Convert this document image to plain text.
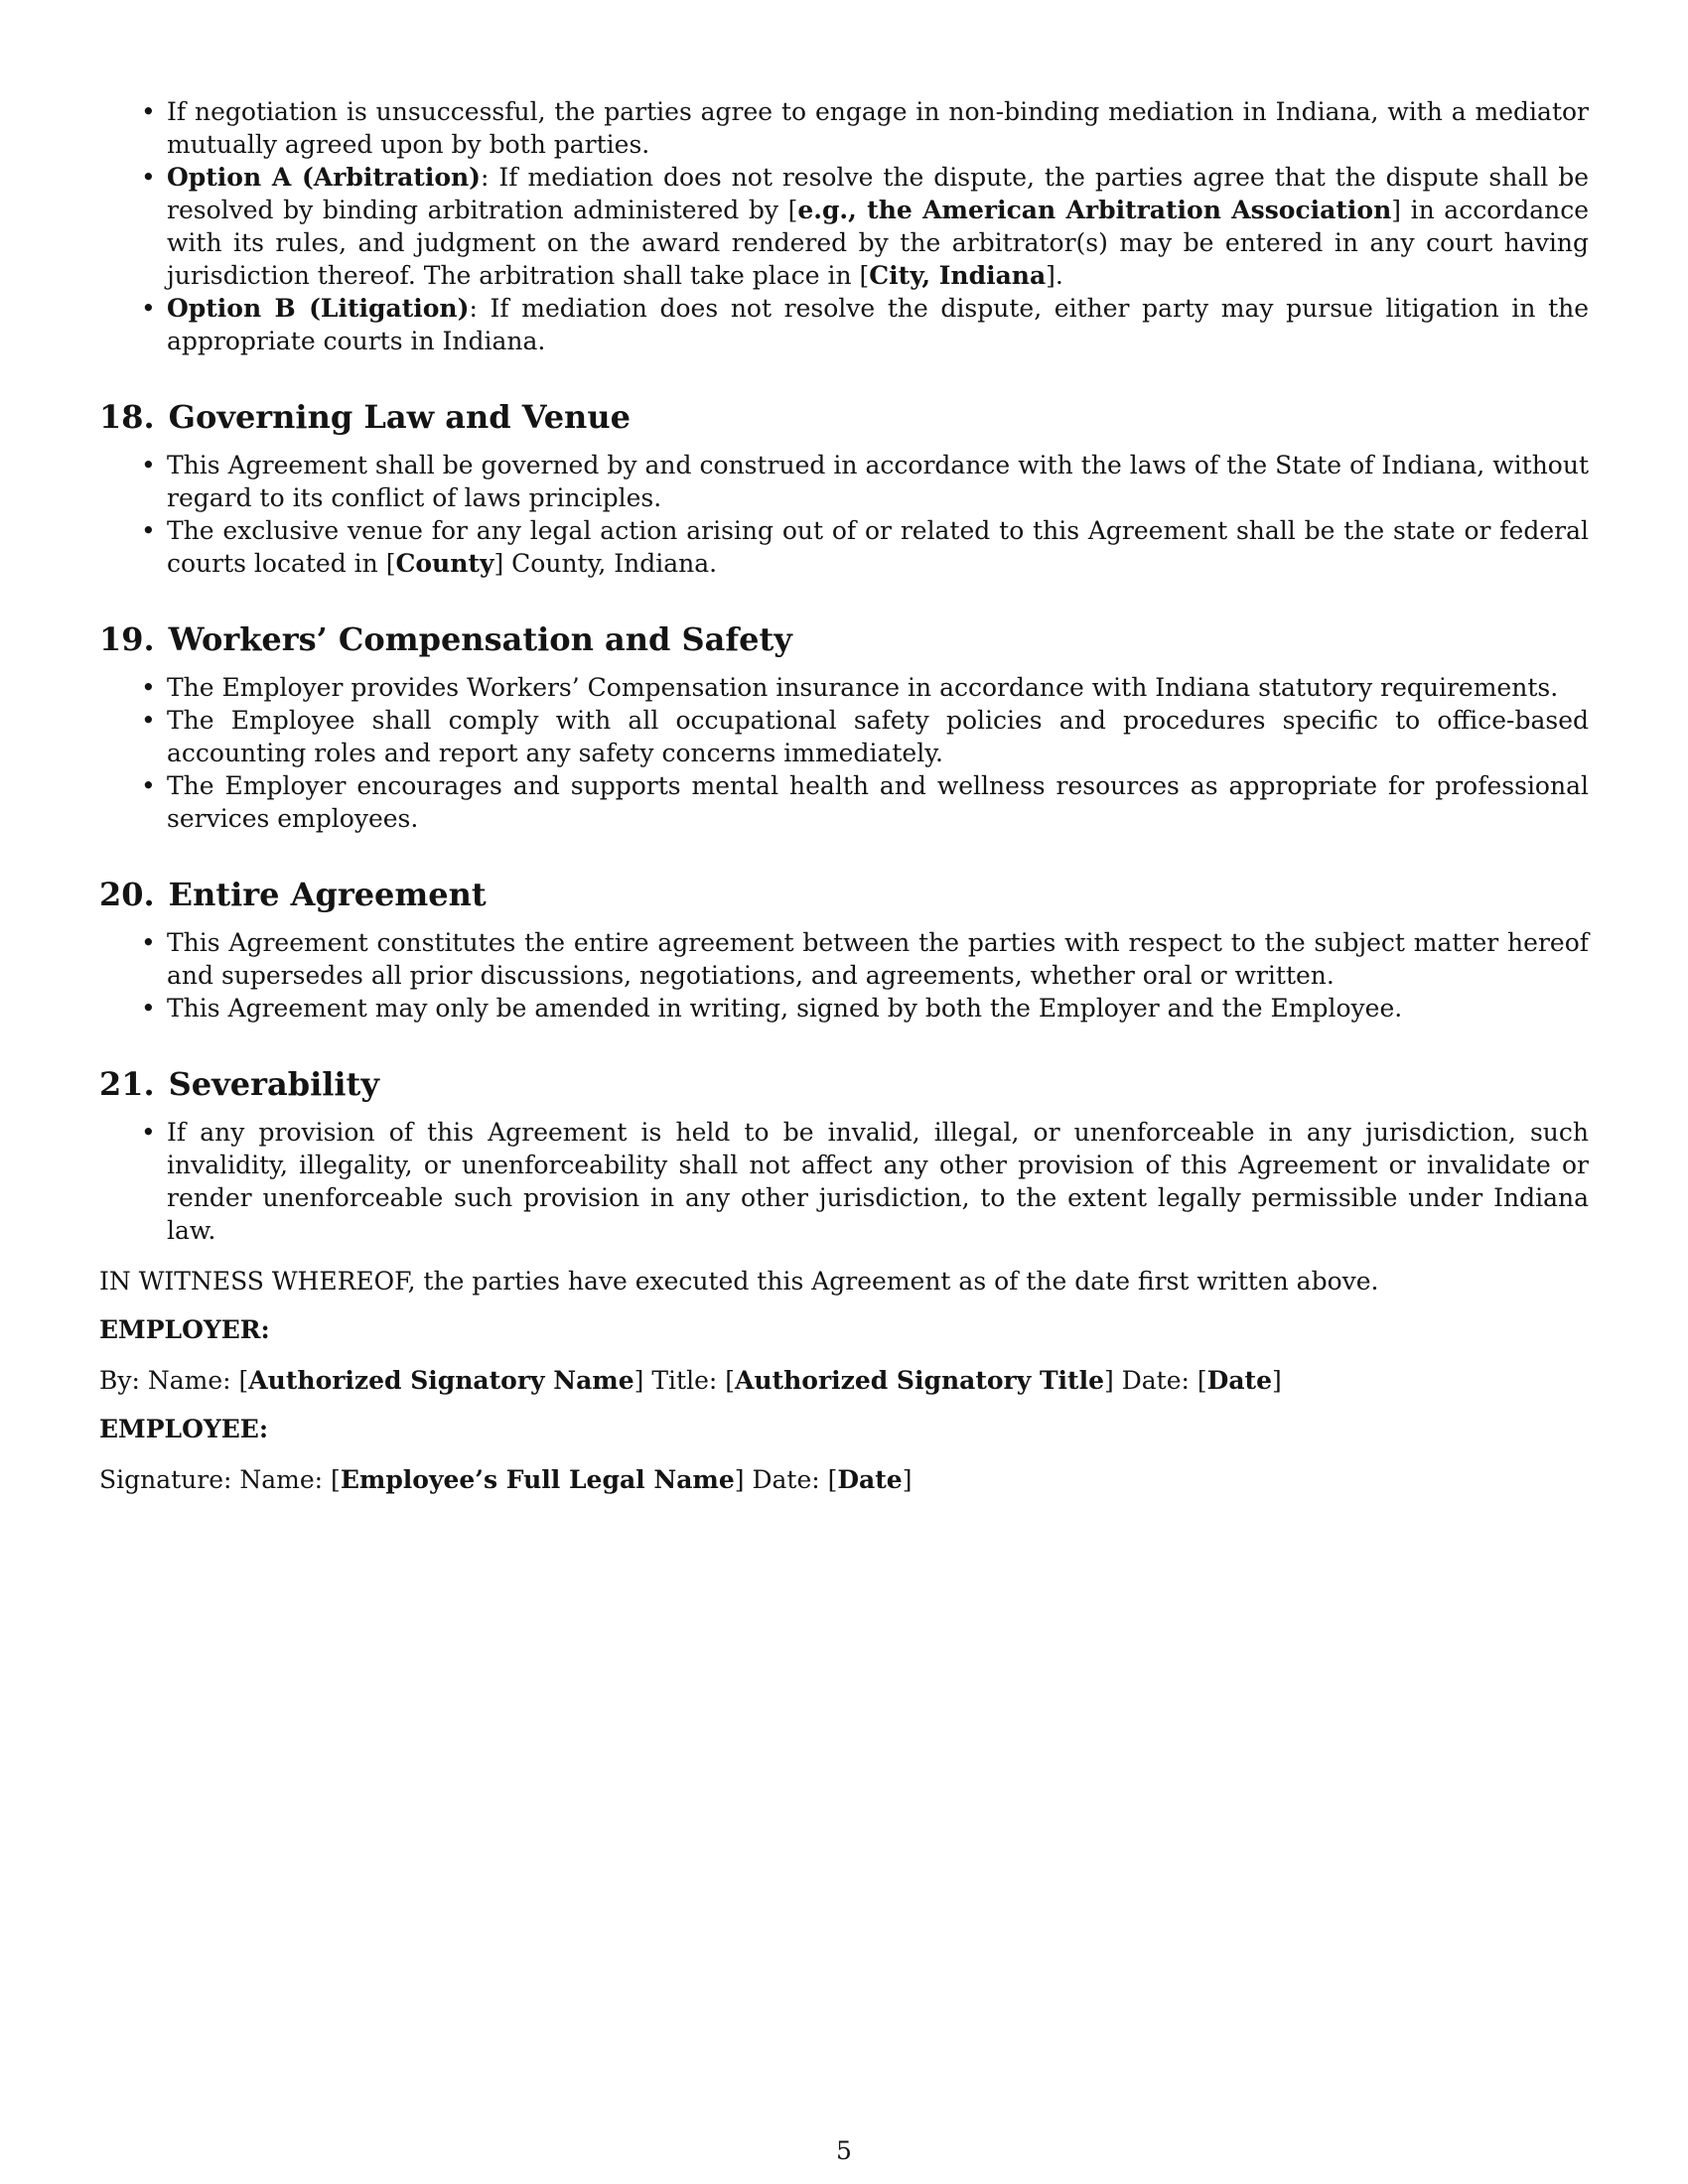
• If negotiation is unsuccessful, the parties agree to engage in non-binding mediation in Indiana, with a mediator mutually agreed upon by both parties.
• Option A (Arbitration): If mediation does not resolve the dispute, the parties agree that the dispute shall be resolved by binding arbitration administered by [e.g., the American Arbitration Association] in accordance with its rules, and judgment on the award rendered by the arbitrator(s) may be entered in any court having jurisdiction thereof. The arbitration shall take place in [City, Indiana].
• Option B (Litigation): If mediation does not resolve the dispute, either party may pursue litigation in the appropriate courts in Indiana.
18. Governing Law and Venue
• This Agreement shall be governed by and construed in accordance with the laws of the State of Indiana, without regard to its conflict of laws principles.
• The exclusive venue for any legal action arising out of or related to this Agreement shall be the state or federal courts located in [County] County, Indiana.
19. Workers’ Compensation and Safety
• The Employer provides Workers’ Compensation insurance in accordance with Indiana statutory requirements.
• The Employee shall comply with all occupational safety policies and procedures specific to office-based accounting roles and report any safety concerns immediately.
• The Employer encourages and supports mental health and wellness resources as appropriate for professional services employees.
20. Entire Agreement
• This Agreement constitutes the entire agreement between the parties with respect to the subject matter hereof and supersedes all prior discussions, negotiations, and agreements, whether oral or written.
• This Agreement may only be amended in writing, signed by both the Employer and the Employee.
21. Severability
• If any provision of this Agreement is held to be invalid, illegal, or unenforceable in any jurisdiction, such invalidity, illegality, or unenforceability shall not affect any other provision of this Agreement or invalidate or render unenforceable such provision in any other jurisdiction, to the extent legally permissible under Indiana law.
IN WITNESS WHEREOF, the parties have executed this Agreement as of the date first written above.
EMPLOYER:
By: Name: [Authorized Signatory Name] Title: [Authorized Signatory Title] Date: [Date]
EMPLOYEE:
Signature: Name: [Employee’s Full Legal Name] Date: [Date]
5
